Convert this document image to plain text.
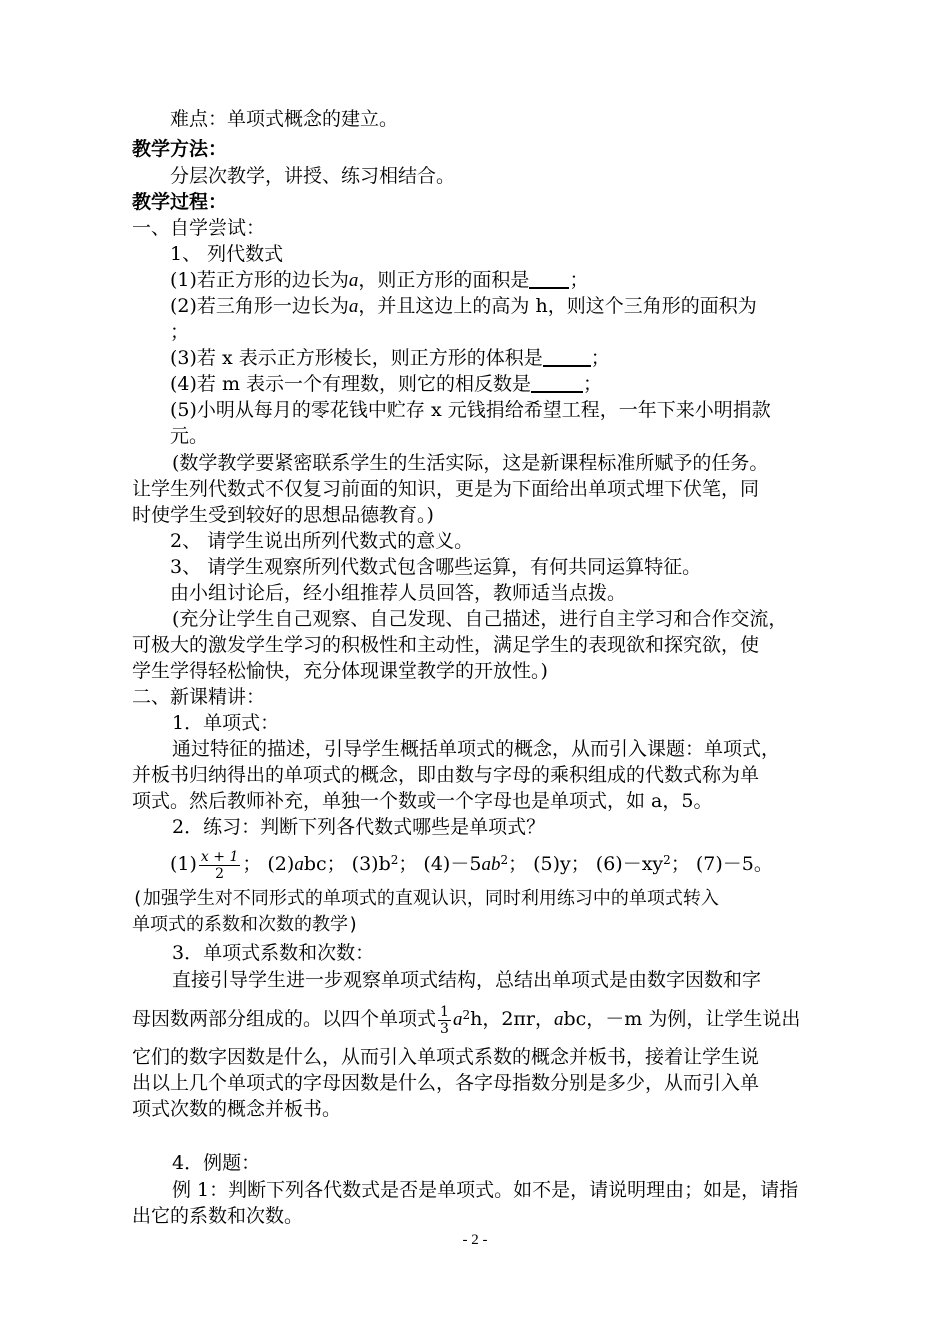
难点：单项式概念的建立。
教学方法：
分层次教学，讲授、练习相结合。
教学过程：
一、自学尝试：
1、 列代数式
(1)若正方形的边长为a，则正方形的面积是 ；
(2)若三角形一边长为a，并且这边上的高为 h，则这个三角形的面积为
；
(3)若 x 表示正方形棱长，则正方形的体积是	；
(4)若 m 表示一个有理数，则它的相反数是	；
(5)小明从每月的零花钱中贮存 x 元钱捐给希望工程，一年下来小明捐款
元。
(数学教学要紧密联系学生的生活实际，这是新课程标准所赋予的任务。
让学生列代数式不仅复习前面的知识，更是为下面给出单项式埋下伏笔，同
时使学生受到较好的思想品德教育。)
2、 请学生说出所列代数式的意义。
3、 请学生观察所列代数式包含哪些运算，有何共同运算特征。
由小组讨论后，经小组推荐人员回答，教师适当点拨。
(充分让学生自己观察、自己发现、自己描述，进行自主学习和合作交流，
可极大的激发学生学习的积极性和主动性，满足学生的表现欲和探究欲，使
学生学得轻松愉快，充分体现课堂教学的开放性。)
二、新课精讲：
1．单项式：
通过特征的描述，引导学生概括单项式的概念，从而引入课题：单项式，
并板书归纳得出的单项式的概念，即由数与字母的乘积组成的代数式称为单
项式。然后教师补充，单独一个数或一个字母也是单项式，如 a，5。
2．练习：判断下列各代数式哪些是单项式？
$(1) \frac{x + 1}{2}$ ； (2)abc； $(3)b^2$； $(4)-5ab^2$； (5)y； $(6)-xy^2$； (7)－5。
(加强学生对不同形式的单项式的直观认识，同时利用练习中的单项式转入
单项式的系数和次数的教学)
3．单项式系数和次数：
直接引导学生进一步观察单项式结构，总结出单项式是由数字因数和字
母因数两部分组成的。以四个单项式 $\frac{1}{3} a^2h$，2πr，abc，－m 为例，让学生说出
它们的数字因数是什么，从而引入单项式系数的概念并板书，接着让学生说
出以上几个单项式的字母因数是什么，各字母指数分别是多少，从而引入单
项式次数的概念并板书。
4．例题：
例 1：判断下列各代数式是否是单项式。如不是，请说明理由；如是，请指
出它的系数和次数。
- 2 -
